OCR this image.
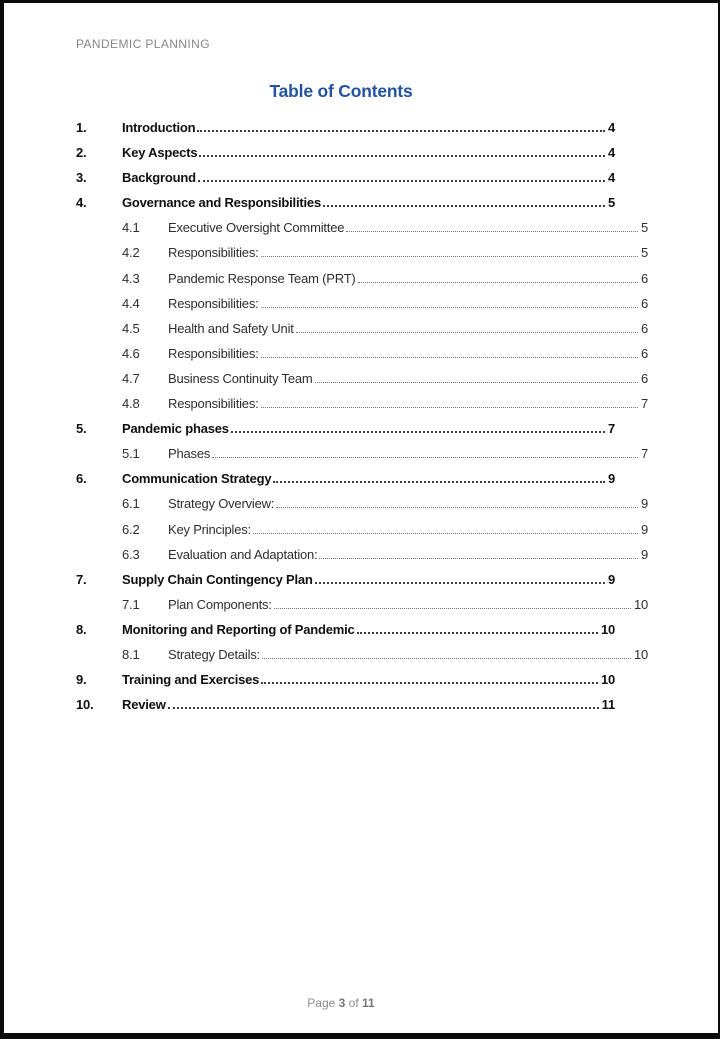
PANDEMIC PLANNING
Table of Contents
1.	Introduction	4
2.	Key Aspects	4
3.	Background	4
4.	Governance and Responsibilities	5
4.1	Executive Oversight Committee	5
4.2	Responsibilities:	5
4.3	Pandemic Response Team (PRT)	6
4.4	Responsibilities:	6
4.5	Health and Safety Unit	6
4.6	Responsibilities:	6
4.7	Business Continuity Team	6
4.8	Responsibilities:	7
5.	Pandemic phases	7
5.1	Phases	7
6.	Communication Strategy	9
6.1	Strategy Overview:	9
6.2	Key Principles:	9
6.3	Evaluation and Adaptation:	9
7.	Supply Chain Contingency Plan	9
7.1	Plan Components:	10
8.	Monitoring and Reporting of Pandemic	10
8.1	Strategy Details:	10
9.	Training and Exercises	10
10.	Review	11
Page 3 of 11
